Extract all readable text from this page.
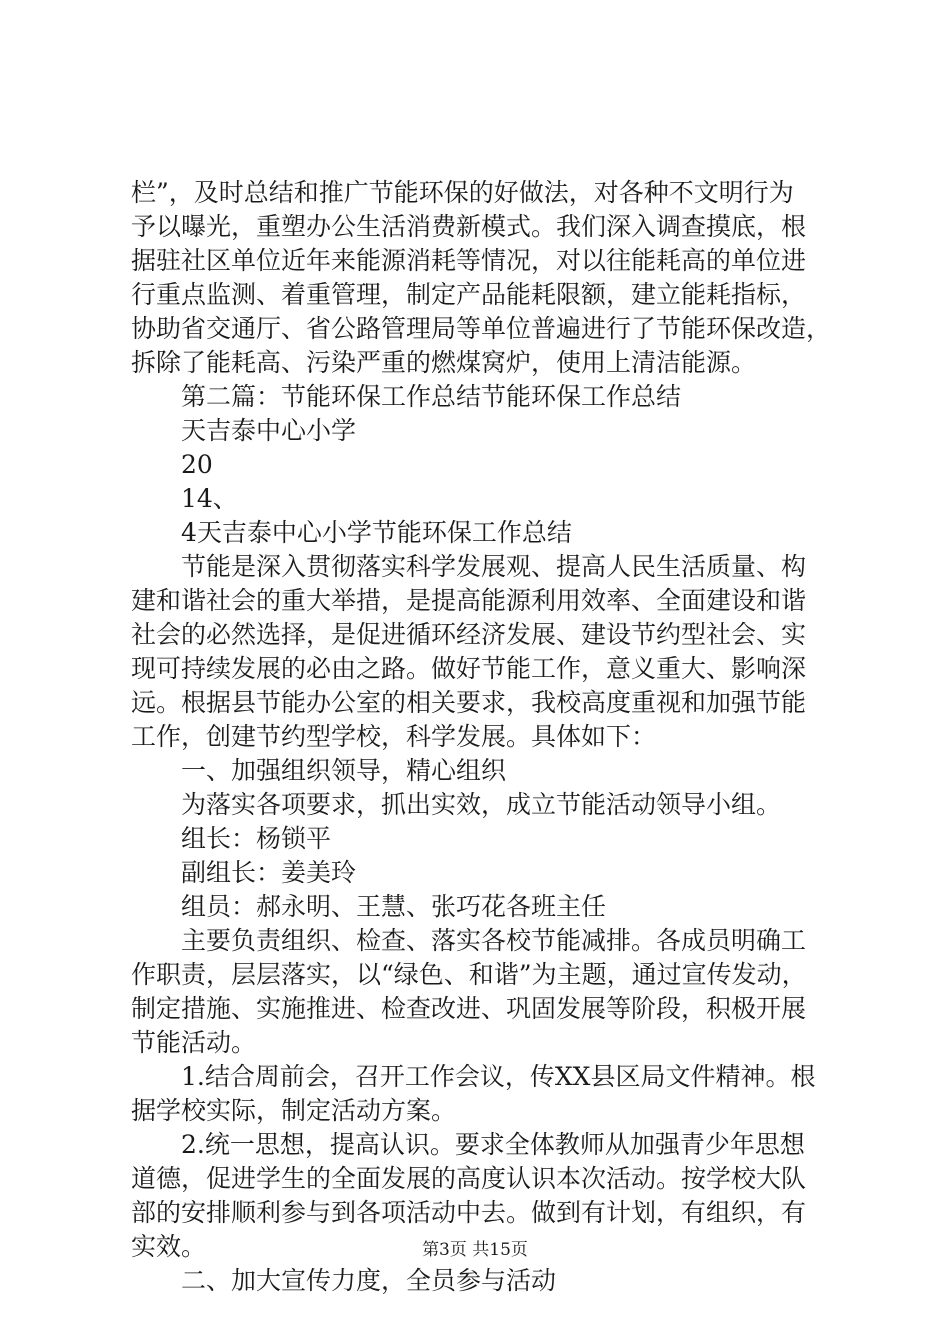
栏”，及时总结和推广节能环保的好做法，对各种不文明行为
予以曝光，重塑办公生活消费新模式。我们深入调查摸底，根
据驻社区单位近年来能源消耗等情况，对以往能耗高的单位进
行重点监测、着重管理，制定产品能耗限额，建立能耗指标，
协助省交通厅、省公路管理局等单位普遍进行了节能环保改造，
拆除了能耗高、污染严重的燃煤窝炉，使用上清洁能源。
第二篇：节能环保工作总结节能环保工作总结
天吉泰中心小学
20
14、
4天吉泰中心小学节能环保工作总结
节能是深入贯彻落实科学发展观、提高人民生活质量、构
建和谐社会的重大举措，是提高能源利用效率、全面建设和谐
社会的必然选择，是促进循环经济发展、建设节约型社会、实
现可持续发展的必由之路。做好节能工作，意义重大、影响深
远。根据县节能办公室的相关要求，我校高度重视和加强节能
工作，创建节约型学校，科学发展。具体如下：
一、加强组织领导，精心组织
为落实各项要求，抓出实效，成立节能活动领导小组。
组长：杨锁平
副组长：姜美玲
组员：郝永明、王慧、张巧花各班主任
主要负责组织、检查、落实各校节能减排。各成员明确工
作职责，层层落实，以“绿色、和谐”为主题，通过宣传发动，
制定措施、实施推进、检查改进、巩固发展等阶段，积极开展
节能活动。
1.结合周前会，召开工作会议，传XX县区局文件精神。根
据学校实际，制定活动方案。
2.统一思想，提高认识。要求全体教师从加强青少年思想
道德，促进学生的全面发展的高度认识本次活动。按学校大队
部的安排顺利参与到各项活动中去。做到有计划，有组织，有
实效。
二、加大宣传力度，全员参与活动
第3页 共15页
